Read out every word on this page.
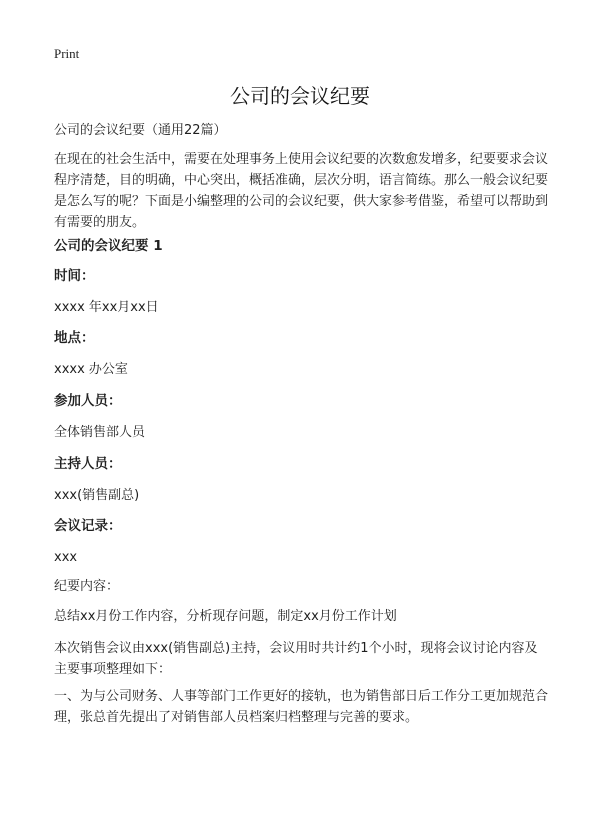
Print
公司的会议纪要

公司的会议纪要（通用22篇）

在现在的社会生活中，需要在处理事务上使用会议纪要的次数愈发增多，纪要要求会议程序清楚，目的明确，中心突出，概括准确，层次分明，语言简练。那么一般会议纪要是怎么写的呢？下面是小编整理的公司的会议纪要，供大家参考借鉴，希望可以帮助到有需要的朋友。

公司的会议纪要 1

时间：

xxxx 年xx月xx日

地点：

xxxx 办公室

参加人员：

全体销售部人员

主持人员：

xxx(销售副总)

会议记录：

xxx

纪要内容：

总结xx月份工作内容，分析现存问题，制定xx月份工作计划

本次销售会议由xxx(销售副总)主持，会议用时共计约1个小时，现将会议讨论内容及主要事项整理如下：

一、为与公司财务、人事等部门工作更好的接轨，也为销售部日后工作分工更加规范合理，张总首先提出了对销售部人员档案归档整理与完善的要求。
